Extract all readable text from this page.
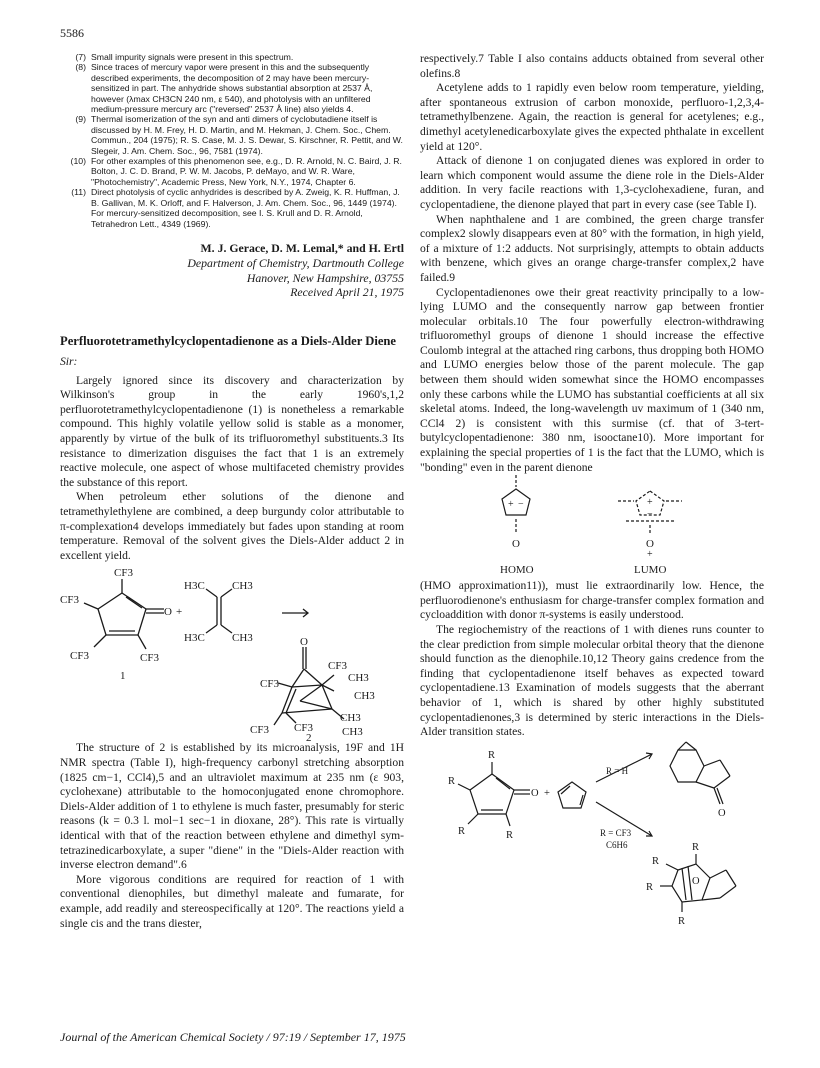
5586
(7) Small impurity signals were present in this spectrum.
(8) Since traces of mercury vapor were present in this and the subsequently described experiments, the decomposition of 2 may have been mercury-sensitized in part. The anhydride shows substantial absorption at 2537 Å, however (λmax CH3CN 240 nm, ε 540), and photolysis with an unfiltered medium-pressure mercury arc ("reversed" 2537 Å line) also yields 4.
(9) Thermal isomerization of the syn and anti dimers of cyclobutadiene itself is discussed by H. M. Frey, H. D. Martin, and M. Hekman, J. Chem. Soc., Chem. Commun., 204 (1975); R. S. Case, M. J. S. Dewar, S. Kirschner, R. Pettit, and W. Slegeir, J. Am. Chem. Soc., 96, 7581 (1974).
(10) For other examples of this phenomenon see, e.g., D. R. Arnold, N. C. Baird, J. R. Bolton, J. C. D. Brand, P. W. M. Jacobs, P. deMayo, and W. R. Ware, "Photochemistry", Academic Press, New York, N.Y., 1974, Chapter 6.
(11) Direct photolysis of cyclic anhydrides is described by A. Zweig, K. R. Huffman, J. B. Gallivan, M. K. Orloff, and F. Halverson, J. Am. Chem. Soc., 96, 1449 (1974). For mercury-sensitized decomposition, see I. S. Krull and D. R. Arnold, Tetrahedron Lett., 4349 (1969).
M. J. Gerace, D. M. Lemal,* and H. Ertl
Department of Chemistry, Dartmouth College
Hanover, New Hampshire, 03755
Received April 21, 1975
Perfluorotetramethylcyclopentadienone as a Diels-Alder Diene
Sir:

Largely ignored since its discovery and characterization by Wilkinson's group in the early 1960's,1,2 perfluorotetramethylcyclopentadienone (1) is nonetheless a remarkable compound. This highly volatile yellow solid is stable as a monomer, apparently by virtue of the bulk of its trifluoromethyl substituents.3 Its resistance to dimerization disguises the fact that 1 is an extremely reactive molecule, one aspect of whose multifaceted chemistry provides the substance of this report.

When petroleum ether solutions of the dienone and tetramethylethylene are combined, a deep burgundy color attributable to π-complexation4 develops immediately but fades upon standing at room temperature. Removal of the solvent gives the Diels-Alder adduct 2 in excellent yield.

CF3
CF3
O +
CF3	CF3
1
H3C CH3
H3C CH3
→
O
CF3
CF3	CH3
CH3
CH3
CF3 CF3	CH3
2

The structure of 2 is established by its microanalysis, 19F and 1H NMR spectra (Table I), high-frequency carbonyl stretching absorption (1825 cm−1, CCl4),5 and an ultraviolet maximum at 235 nm (ε 903, cyclohexane) attributable to the homoconjugated enone chromophore. Diels-Alder addition of 1 to ethylene is much faster, presumably for steric reasons (k = 0.3 l. mol−1 sec−1 in dioxane, 28°). This rate is virtually identical with that of the reaction between ethylene and dimethyl sym-tetrazinedicarboxylate, a super "diene" in the "Diels-Alder reaction with inverse electron demand".6

More vigorous conditions are required for reaction of 1 with conventional dienophiles, but dimethyl maleate and fumarate, for example, add readily and stereospecifically at 120°. The reactions yield a single cis and the trans diester,

respectively.7 Table I also contains adducts obtained from several other olefins.8

Acetylene adds to 1 rapidly even below room temperature, yielding, after spontaneous extrusion of carbon monoxide, perfluoro-1,2,3,4-tetramethylbenzene. Again, the reaction is general for acetylenes; e.g., dimethyl acetylenedicarboxylate gives the expected phthalate in excellent yield at 120°.

Attack of dienone 1 on conjugated dienes was explored in order to learn which component would assume the diene role in the Diels-Alder addition. In very facile reactions with 1,3-cyclohexadiene, furan, and cyclopentadiene, the dienone played that part in every case (see Table I).

When naphthalene and 1 are combined, the green charge transfer complex2 slowly disappears even at 80° with the formation, in high yield, of a mixture of 1:2 adducts. Not surprisingly, attempts to obtain adducts with benzene, which gives an orange charge-transfer complex,2 have failed.9

Cyclopentadienones owe their great reactivity principally to a low-lying LUMO and the consequently narrow gap between frontier molecular orbitals.10 The four powerfully electron-withdrawing trifluoromethyl groups of dienone 1 should increase the effective Coulomb integral at the attached ring carbons, thus dropping both HOMO and LUMO energies below those of the parent molecule. The gap between them should widen somewhat since the HOMO encompasses only these carbons while the LUMO has substantial coefficients at all six skeletal atoms. Indeed, the long-wavelength uv maximum of 1 (340 nm, CCl4 2) is consistent with this surmise (cf. that of 3-tert-butylcyclopentadienone: 380 nm, isooctane10). More important for explaining the special properties of 1 is the fact that the LUMO, which is "bonding" even in the parent dienone

+ −	+
−
O	O
+
HOMO	LUMO

(HMO approximation11)), must lie extraordinarily low. Hence, the perfluorodienone's enthusiasm for charge-transfer complex formation and cycloaddition with donor π-systems is easily understood.

The regiochemistry of the reactions of 1 with dienes runs counter to the clear prediction from simple molecular orbital theory that the dienone should function as the dienophile.10,12 Theory gains credence from the finding that cyclopentadienone itself behaves as expected toward cyclopentadiene.13 Examination of models suggests that the aberrant behavior of 1, which is shared by other highly substituted cyclopentadienones,3 is determined by steric interactions in the Diels-Alder transition states.

R
R
O +
R	R
R = H
R = CF3
C6H6
O
R
R
O
R
R
Journal of the American Chemical Society / 97:19 / September 17, 1975
